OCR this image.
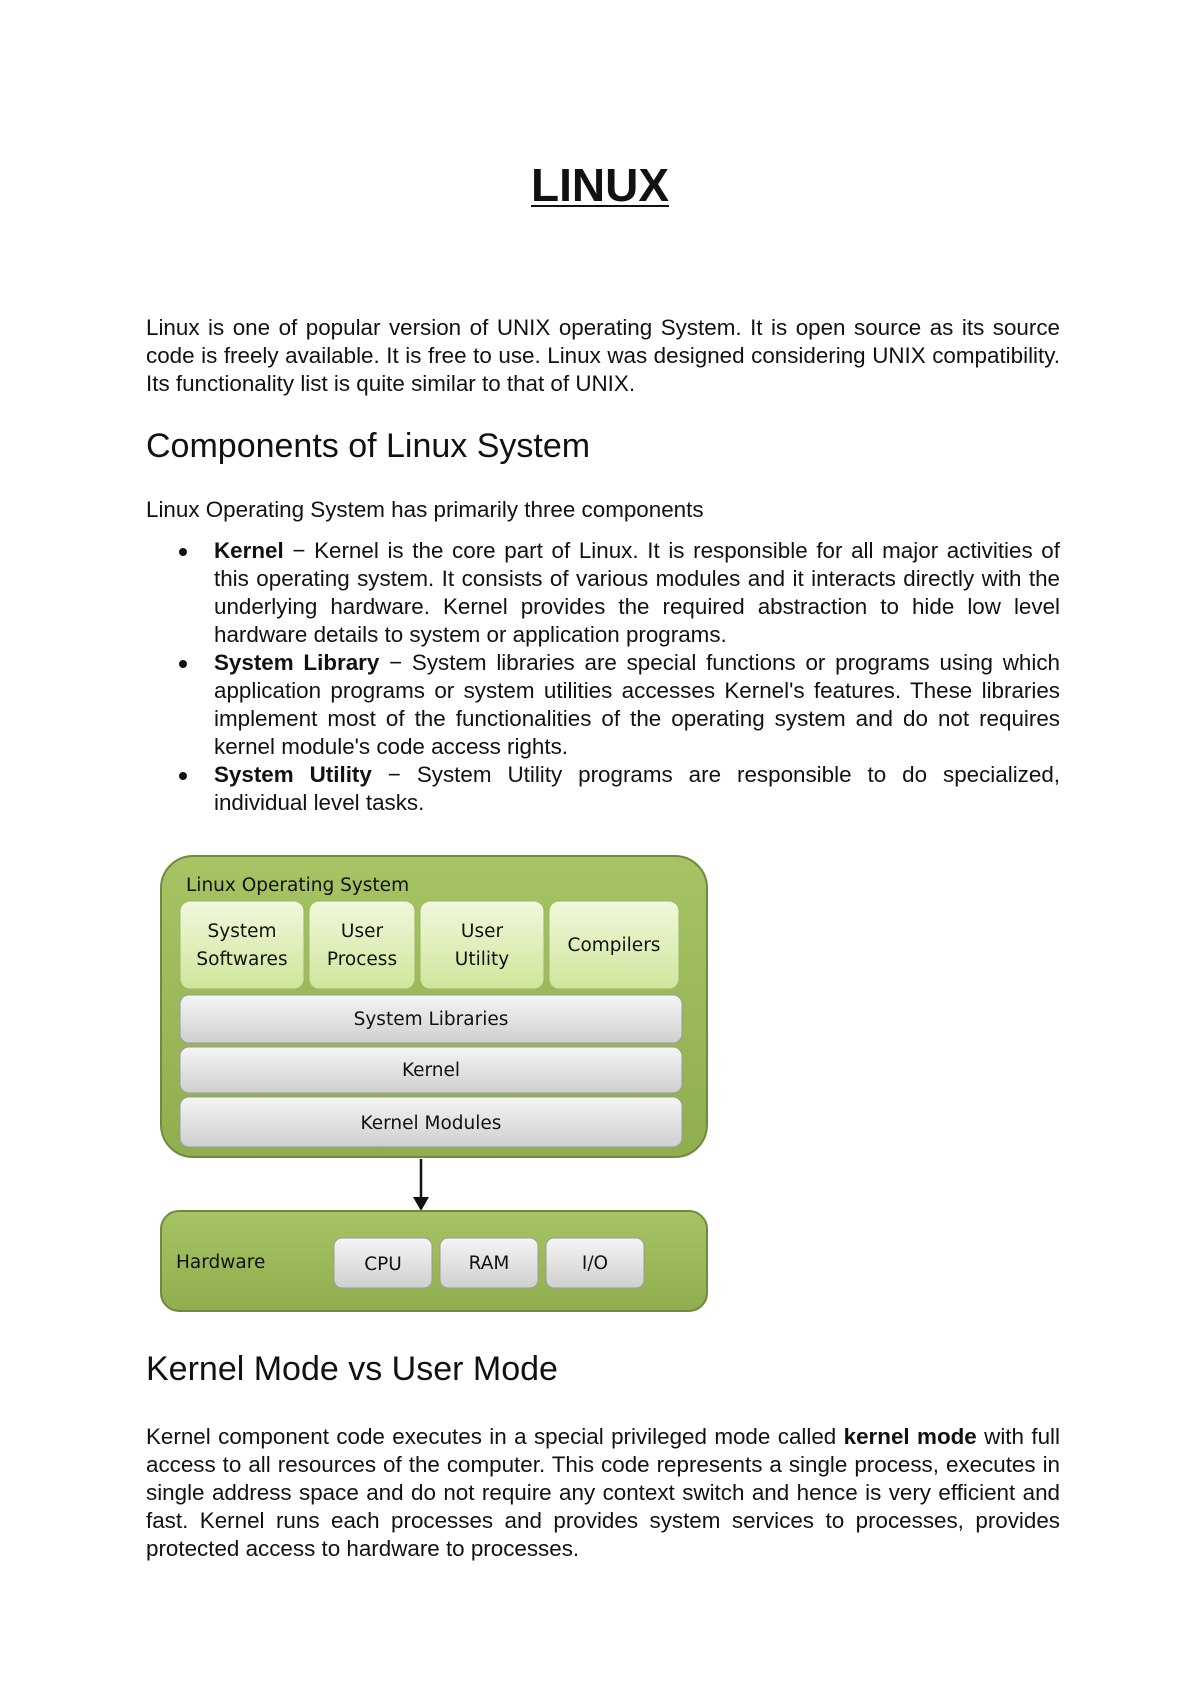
LINUX

Linux is one of popular version of UNIX operating System. It is open source as its source code is freely available. It is free to use. Linux was designed considering UNIX compatibility. Its functionality list is quite similar to that of UNIX.

Components of Linux System

Linux Operating System has primarily three components

Kernel − Kernel is the core part of Linux. It is responsible for all major activities of this operating system. It consists of various modules and it interacts directly with the underlying hardware. Kernel provides the required abstraction to hide low level hardware details to system or application programs.
System Library − System libraries are special functions or programs using which application programs or system utilities accesses Kernel's features. These libraries implement most of the functionalities of the operating system and do not requires kernel module's code access rights.
System Utility − System Utility programs are responsible to do specialized, individual level tasks.
Linux Operating System
System
Softwares
User
Process
User
Utility
Compilers
System Libraries
Kernel
Kernel Modules
Hardware	CPU	RAM	I/O
Kernel Mode vs User Mode

Kernel component code executes in a special privileged mode called kernel mode with full access to all resources of the computer. This code represents a single process, executes in single address space and do not require any context switch and hence is very efficient and fast. Kernel runs each processes and provides system services to processes, provides protected access to hardware to processes.
